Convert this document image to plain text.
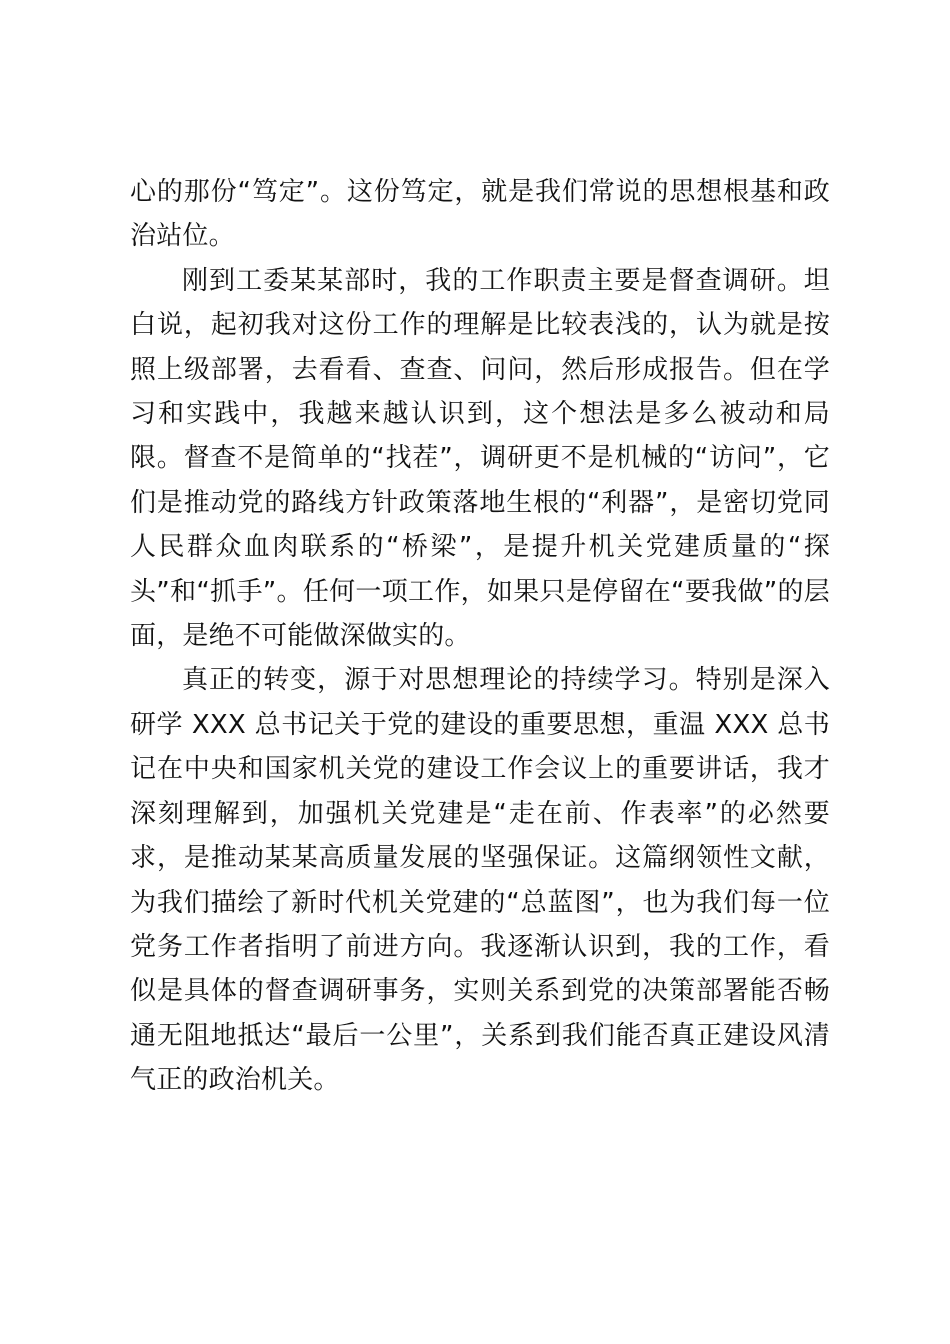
心的那份“笃定”。这份笃定，就是我们常说的思想根基和政治站位。

刚到工委某某部时，我的工作职责主要是督查调研。坦白说，起初我对这份工作的理解是比较表浅的，认为就是按照上级部署，去看看、查查、问问，然后形成报告。但在学习和实践中，我越来越认识到，这个想法是多么被动和局限。督查不是简单的“找茬”，调研更不是机械的“访问”，它们是推动党的路线方针政策落地生根的“利器”，是密切党同人民群众血肉联系的“桥梁”，是提升机关党建质量的“探头”和“抓手”。任何一项工作，如果只是停留在“要我做”的层面，是绝不可能做深做实的。

真正的转变，源于对思想理论的持续学习。特别是深入研学 XXX 总书记关于党的建设的重要思想，重温 XXX 总书记在中央和国家机关党的建设工作会议上的重要讲话，我才深刻理解到，加强机关党建是“走在前、作表率”的必然要求，是推动某某高质量发展的坚强保证。这篇纲领性文献，为我们描绘了新时代机关党建的“总蓝图”，也为我们每一位党务工作者指明了前进方向。我逐渐认识到，我的工作，看似是具体的督查调研事务，实则关系到党的决策部署能否畅通无阻地抵达“最后一公里”，关系到我们能否真正建设风清气正的政治机关。
